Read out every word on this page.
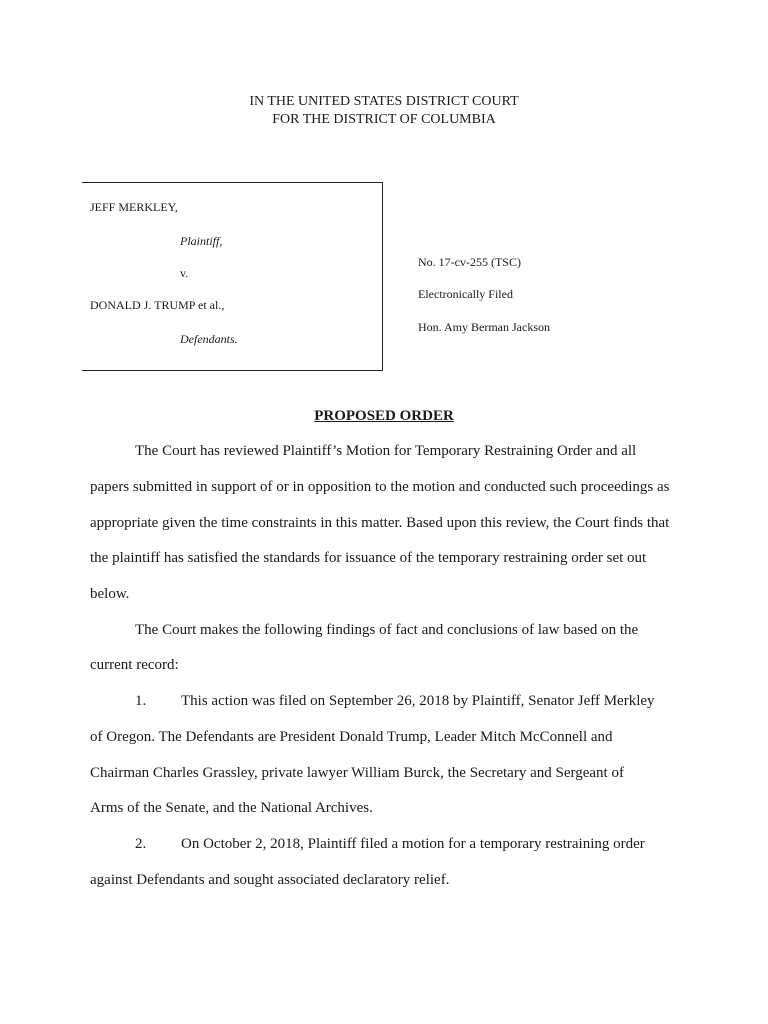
IN THE UNITED STATES DISTRICT COURT
FOR THE DISTRICT OF COLUMBIA
JEFF MERKLEY,
Plaintiff,
v.
DONALD J. TRUMP et al.,
Defendants.
No. 17-cv-255 (TSC)
Electronically Filed
Hon. Amy Berman Jackson
PROPOSED ORDER
The Court has reviewed Plaintiff’s Motion for Temporary Restraining Order and all
papers submitted in support of or in opposition to the motion and conducted such proceedings as
appropriate given the time constraints in this matter. Based upon this review, the Court finds that
the plaintiff has satisfied the standards for issuance of the temporary restraining order set out
below.
The Court makes the following findings of fact and conclusions of law based on the
current record:
1. This action was filed on September 26, 2018 by Plaintiff, Senator Jeff Merkley
of Oregon. The Defendants are President Donald Trump, Leader Mitch McConnell and
Chairman Charles Grassley, private lawyer William Burck, the Secretary and Sergeant of
Arms of the Senate, and the National Archives.
2. On October 2, 2018, Plaintiff filed a motion for a temporary restraining order
against Defendants and sought associated declaratory relief.
